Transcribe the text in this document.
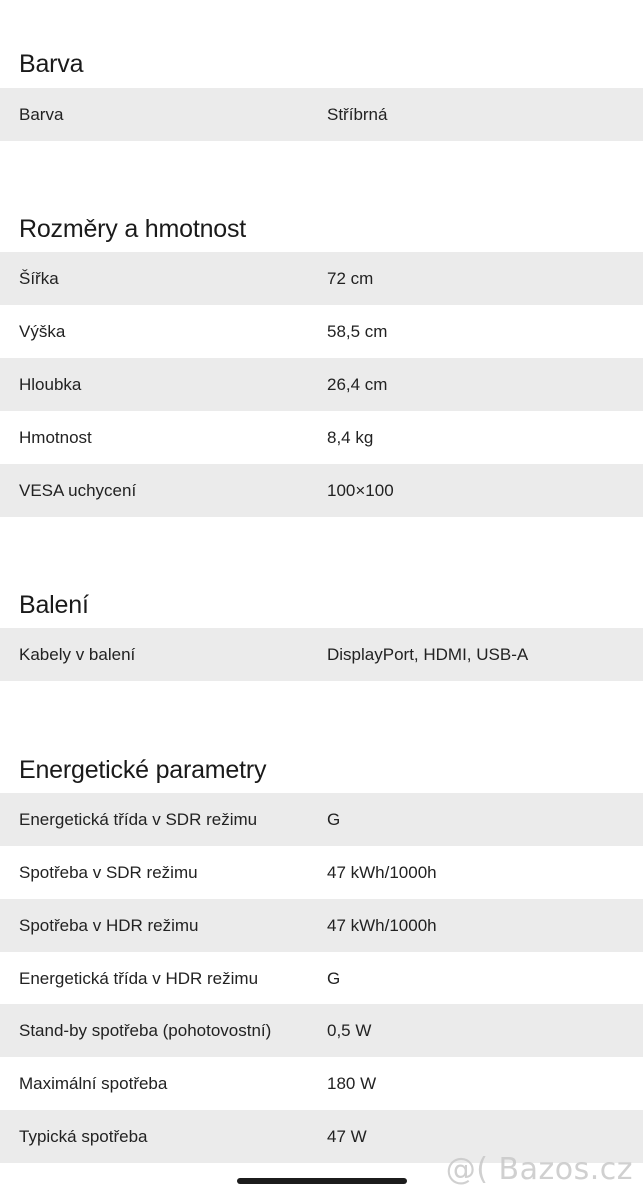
Barva
Barva	Stříbrná
Rozměry a hmotnost
Šířka	72 cm
Výška	58,5 cm
Hloubka	26,4 cm
Hmotnost	8,4 kg
VESA uchycení	100×100
Balení
Kabely v balení	DisplayPort, HDMI, USB-A
Energetické parametry
Energetická třída v SDR režimu	G
Spotřeba v SDR režimu	47 kWh/1000h
Spotřeba v HDR režimu	47 kWh/1000h
Energetická třída v HDR režimu	G
Stand-by spotřeba (pohotovostní)	0,5 W
Maximální spotřeba	180 W
Typická spotřeba	47 W
@( Bazos.cz
